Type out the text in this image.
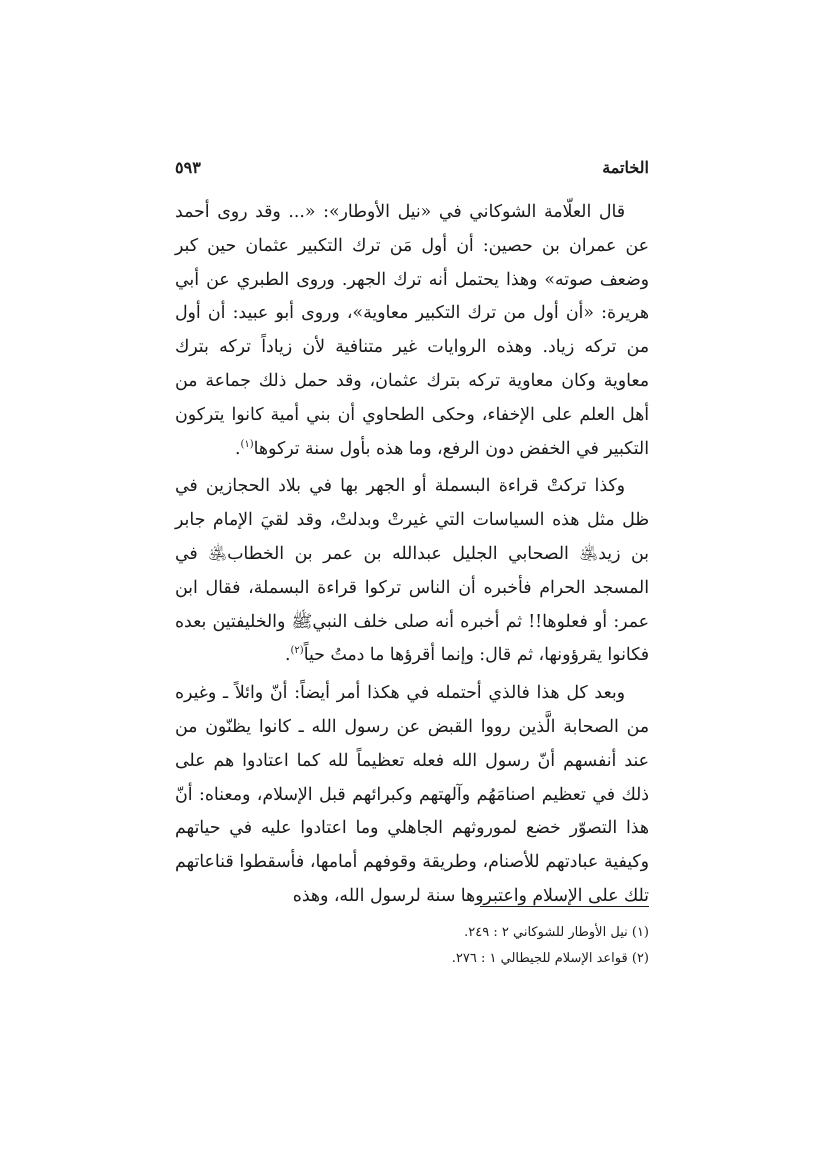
الخاتمة
٥٩٣

قال العلّامة الشوكاني في «نيل الأوطار»: «... وقد روى أحمد عن عمران بن حصين: أن أول مَن ترك التكبير عثمان حين كبر وضعف صوته» وهذا يحتمل أنه ترك الجهر. وروى الطبري عن أبي هريرة: «أن أول من ترك التكبير معاوية»، وروى أبو عبيد: أن أول من تركه زياد. وهذه الروايات غير متنافية لأن زياداً تركه بترك معاوية وكان معاوية تركه بترك عثمان، وقد حمل ذلك جماعة من أهل العلم على الإخفاء، وحكى الطحاوي أن بني أمية كانوا يتركون التكبير في الخفض دون الرفع، وما هذه بأول سنة تركوها$^{(١)}$.

وكذا تركتْ قراءة البسملة أو الجهر بها في بلاد الحجازين في ظل مثل هذه السياسات التي غيرتْ وبدلتْ، وقد لقيَ الإمام جابر بن زيد﵁ الصحابي الجليل عبدالله بن عمر بن الخطاب﵁ في المسجد الحرام فأخبره أن الناس تركوا قراءة البسملة، فقال ابن عمر: أو فعلوها!! ثم أخبره أنه صلى خلف النبيﷺ والخليفتين بعده فكانوا يقرؤونها، ثم قال: وإنما أقرؤها ما دمتُ حياً$^{(٢)}$.

وبعد كل هذا فالذي أحتمله في هكذا أمر أيضاً: أنّ وائلاً ـ وغيره من الصحابة الَّذين رووا القبض عن رسول الله ـ كانوا يظنّون من عند أنفسهم أنّ رسول الله فعله تعظيماً لله كما اعتادوا هم على ذلك في تعظيم اصنامَهُم وآلهتهم وكبرائهم قبل الإسلام، ومعناه: أنّ هذا التصوّر خضع لموروثهم الجاهلي وما اعتادوا عليه في حياتهم وكيفية عبادتهم للأصنام، وطريقة وقوفهم أمامها، فأسقطوا قناعاتهم تلك على الإسلام واعتبروها سنة لرسول الله، وهذه

(١) نيل الأوطار للشوكاني ٢ : ٢٤٩.
(٢) قواعد الإسلام للجيطالي ١ : ٢٧٦.
